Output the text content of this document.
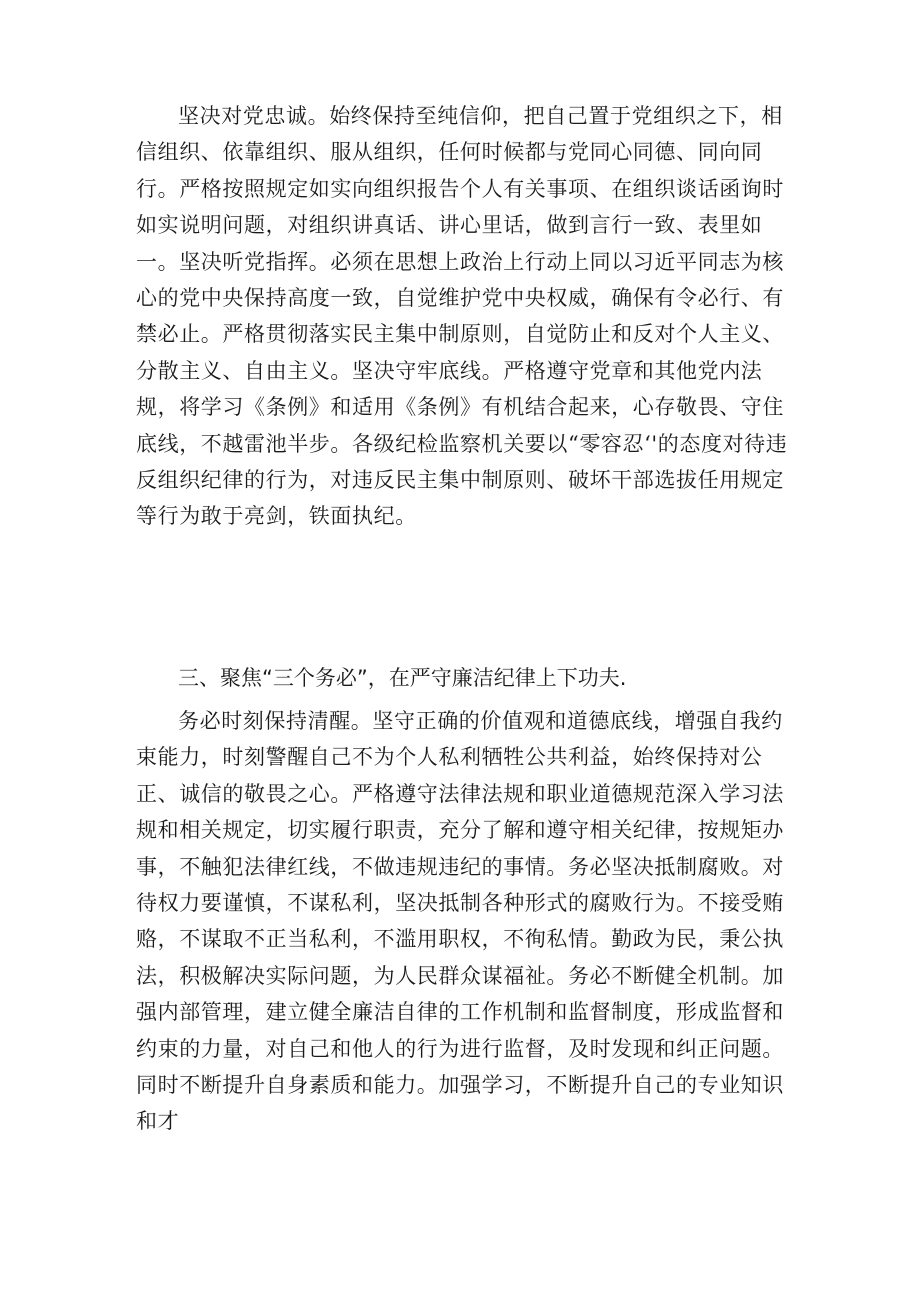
坚决对党忠诚。始终保持至纯信仰，把自己置于党组织之下，相信组织、依靠组织、服从组织，任何时候都与党同心同德、同向同行。严格按照规定如实向组织报告个人有关事项、在组织谈话函询时如实说明问题，对组织讲真话、讲心里话，做到言行一致、表里如一。坚决听党指挥。必须在思想上政治上行动上同以习近平同志为核心的党中央保持高度一致，自觉维护党中央权威，确保有令必行、有禁必止。严格贯彻落实民主集中制原则，自觉防止和反对个人主义、分散主义、自由主义。坚决守牢底线。严格遵守党章和其他党内法规，将学习《条例》和适用《条例》有机结合起来，心存敬畏、守住底线，不越雷池半步。各级纪检监察机关要以“零容忍‘'的态度对待违反组织纪律的行为，对违反民主集中制原则、破坏干部选拔任用规定等行为敢于亮剑，铁面执纪。

三、聚焦“三个务必”，在严守廉洁纪律上下功夫.

务必时刻保持清醒。坚守正确的价值观和道德底线，增强自我约束能力，时刻警醒自己不为个人私利牺牲公共利益，始终保持对公正、诚信的敬畏之心。严格遵守法律法规和职业道德规范深入学习法规和相关规定，切实履行职责，充分了解和遵守相关纪律，按规矩办事，不触犯法律红线，不做违规违纪的事情。务必坚决抵制腐败。对待权力要谨慎，不谋私利，坚决抵制各种形式的腐败行为。不接受贿赂，不谋取不正当私利，不滥用职权，不徇私情。勤政为民，秉公执法，积极解决实际问题，为人民群众谋福祉。务必不断健全机制。加强内部管理，建立健全廉洁自律的工作机制和监督制度，形成监督和约束的力量，对自己和他人的行为进行监督，及时发现和纠正问题。同时不断提升自身素质和能力。加强学习，不断提升自己的专业知识和才
